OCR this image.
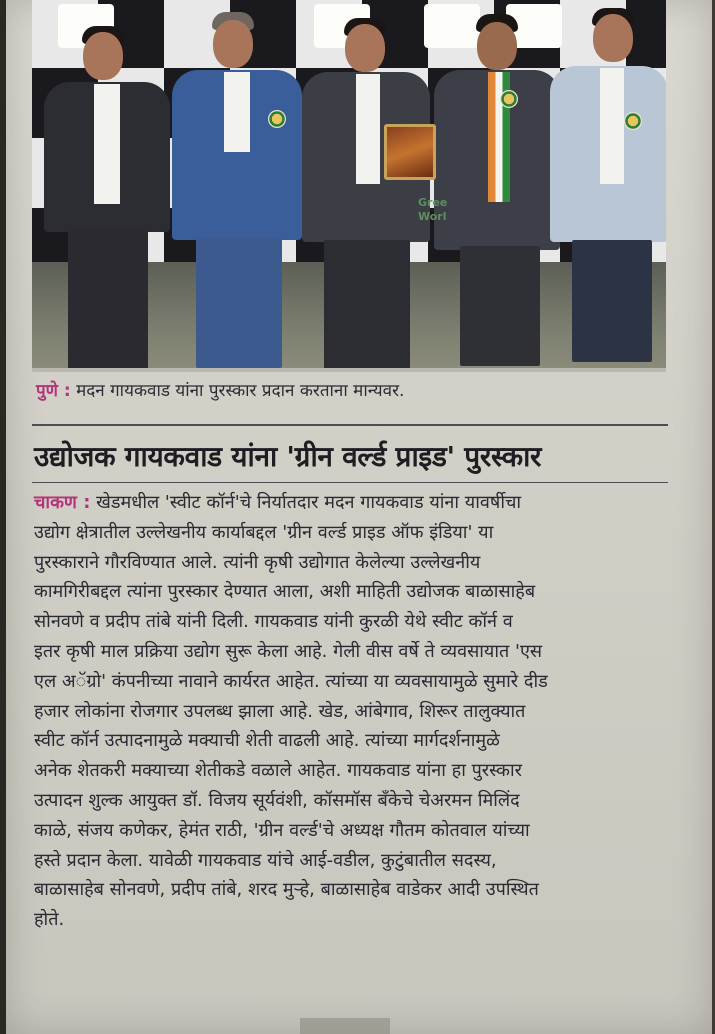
Gree
Worl
पुणे : मदन गायकवाड यांना पुरस्कार प्रदान करताना मान्यवर.
उद्योजक गायकवाड यांना 'ग्रीन वर्ल्ड प्राइड' पुरस्कार
चाकण : खेडमधील 'स्वीट कॉर्न'चे निर्यातदार मदन गायकवाड यांना यावर्षीचा
उद्योग क्षेत्रातील उल्लेखनीय कार्याबद्दल 'ग्रीन वर्ल्ड प्राइड ऑफ इंडिया' या
पुरस्काराने गौरविण्यात आले. त्यांनी कृषी उद्योगात केलेल्या उल्लेखनीय
कामगिरीबद्दल त्यांना पुरस्कार देण्यात आला, अशी माहिती उद्योजक बाळासाहेब
सोनवणे व प्रदीप तांबे यांनी दिली. गायकवाड यांनी कुरळी येथे स्वीट कॉर्न व
इतर कृषी माल प्रक्रिया उद्योग सुरू केला आहे. गेली वीस वर्षे ते व्यवसायात 'एस
एल अॅग्रो' कंपनीच्या नावाने कार्यरत आहेत. त्यांच्या या व्यवसायामुळे सुमारे दीड
हजार लोकांना रोजगार उपलब्ध झाला आहे. खेड, आंबेगाव, शिरूर तालुक्यात
स्वीट कॉर्न उत्पादनामुळे मक्याची शेती वाढली आहे. त्यांच्या मार्गदर्शनामुळे
अनेक शेतकरी मक्याच्या शेतीकडे वळाले आहेत. गायकवाड यांना हा पुरस्कार
उत्पादन शुल्क आयुक्त डॉ. विजय सूर्यवंशी, कॉसमॉस बँकेचे चेअरमन मिलिंद
काळे, संजय कणेकर, हेमंत राठी, 'ग्रीन वर्ल्ड'चे अध्यक्ष गौतम कोतवाल यांच्या
हस्ते प्रदान केला. यावेळी गायकवाड यांचे आई-वडील, कुटुंबातील सदस्य,
बाळासाहेब सोनवणे, प्रदीप तांबे, शरद मुऱ्हे, बाळासाहेब वाडेकर आदी उपस्थित
होते.
